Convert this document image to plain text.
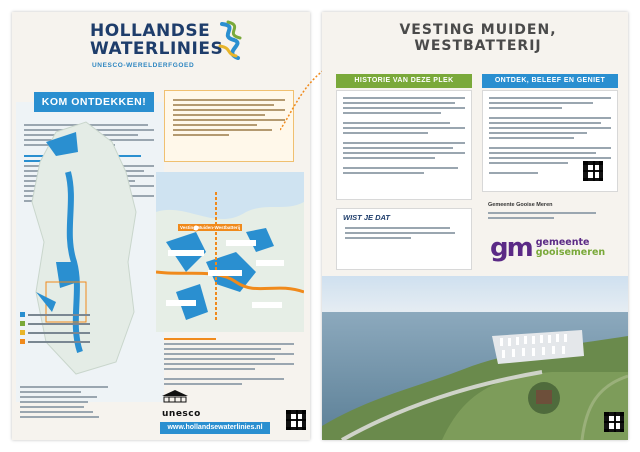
HOLLANDSE
WATERLINIES
UNESCO-WERELDERFGOED
KOM ONTDEKKEN!
Vesting Muiden-Westbatterij
unesco
www.hollandsewaterlinies.nl
VESTING MUIDEN,
WESTBATTERIJ
HISTORIE VAN DEZE PLEK	ONTDEK, BELEEF EN GENIET
WIST JE DAT
Gemeente Gooise Meren
gm gemeente
gooisemeren
